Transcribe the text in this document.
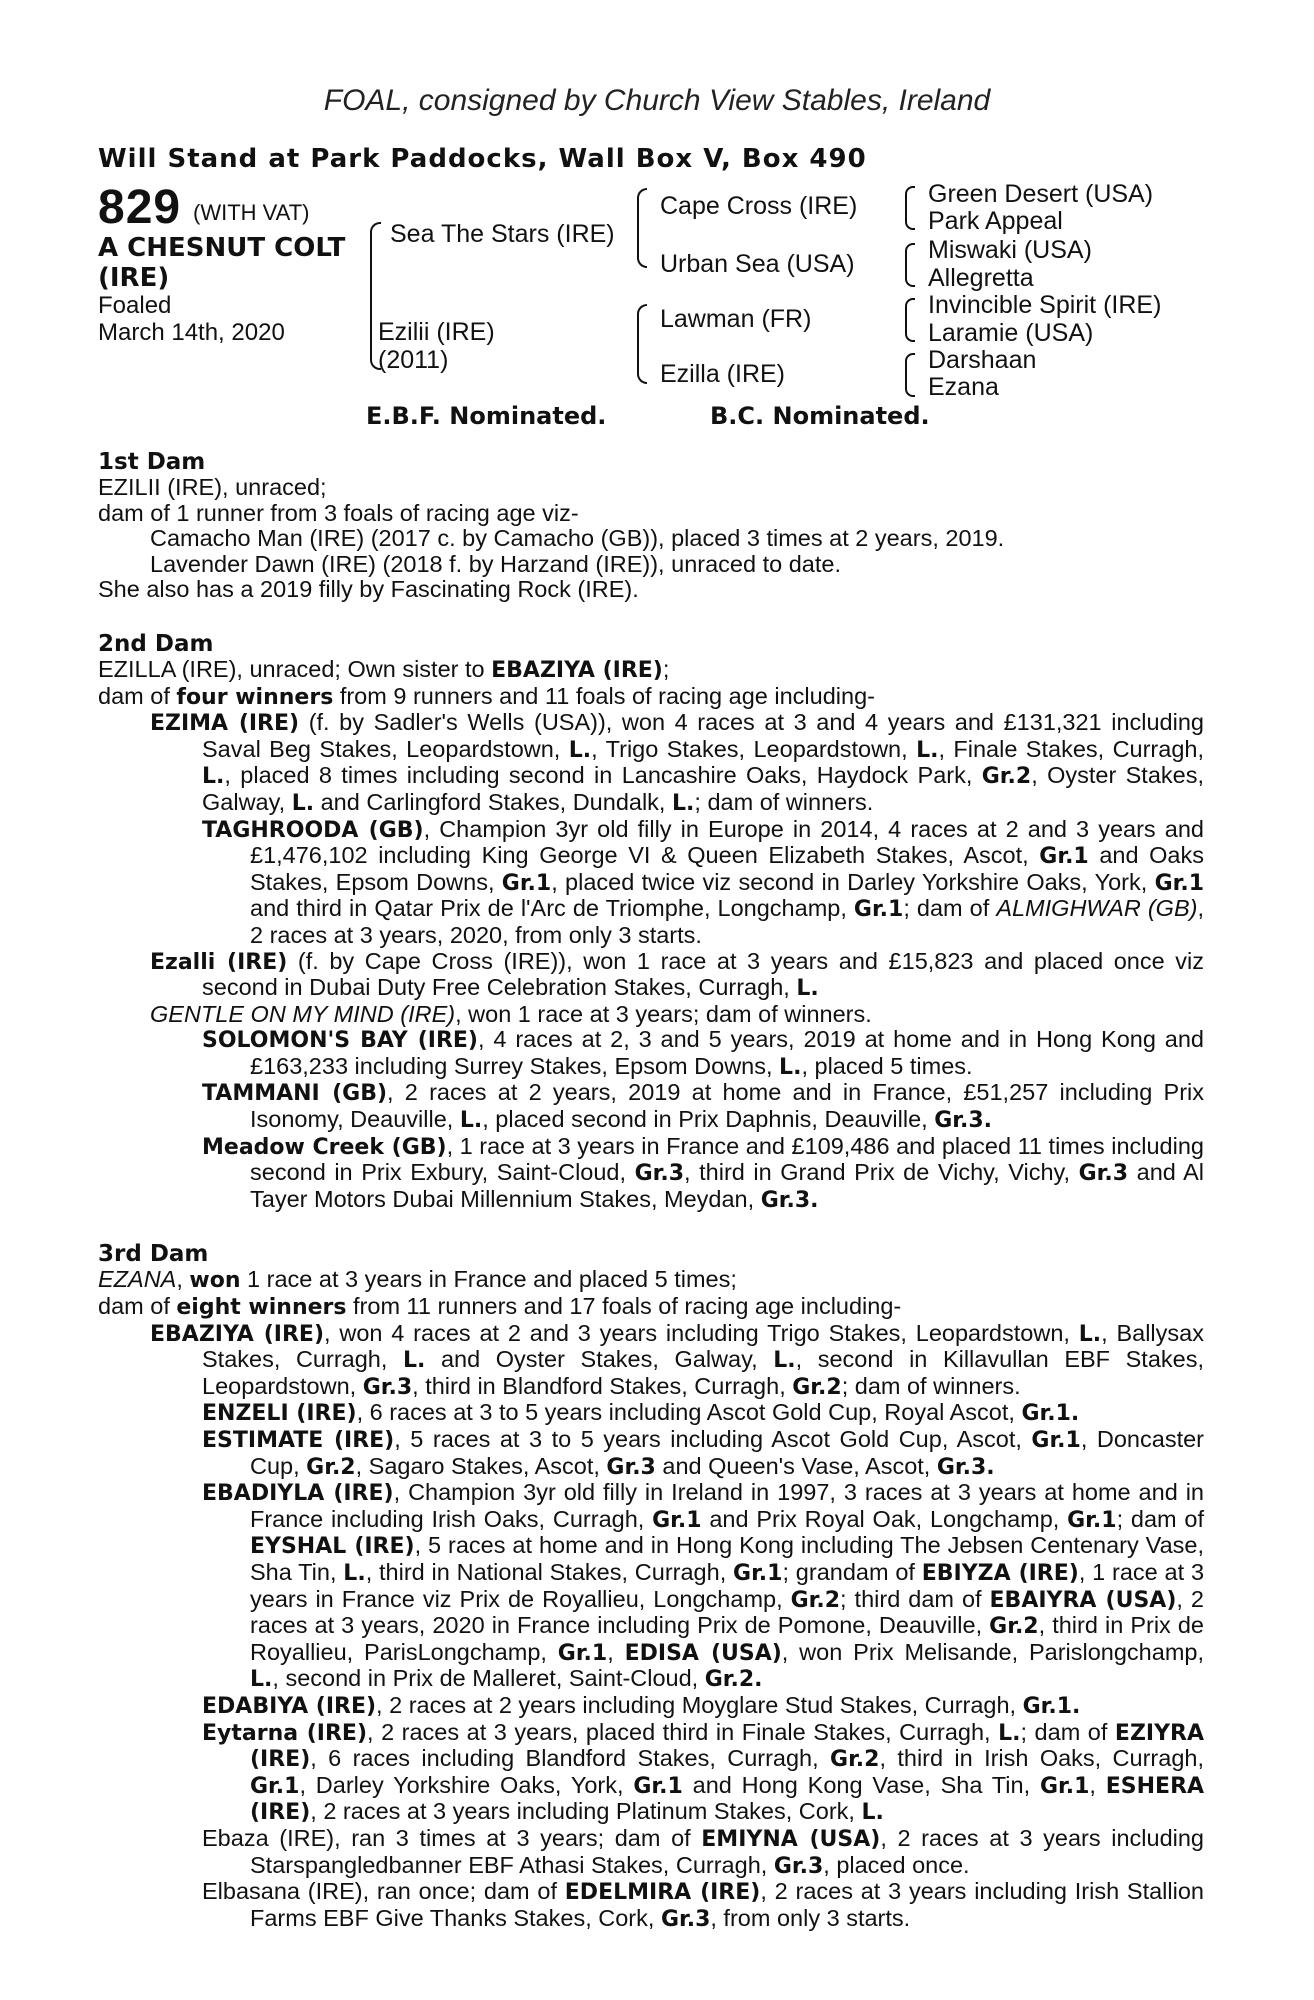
FOAL, consigned by Church View Stables, Ireland
Will Stand at Park Paddocks, Wall Box V, Box 490
829 (WITH VAT)
A CHESNUT COLT
(IRE)
Foaled
March 14th, 2020
Sea The Stars (IRE)
Ezilii (IRE)
(2011)
Cape Cross (IRE)
Urban Sea (USA)
Lawman (FR)
Ezilla (IRE)
Green Desert (USA)
Park Appeal
Miswaki (USA)
Allegretta
Invincible Spirit (IRE)
Laramie (USA)
Darshaan
Ezana
E.B.F. Nominated.	B.C. Nominated.
1st Dam
EZILII (IRE), unraced;
dam of 1 runner from 3 foals of racing age viz-
Camacho Man (IRE) (2017 c. by Camacho (GB)), placed 3 times at 2 years, 2019.
Lavender Dawn (IRE) (2018 f. by Harzand (IRE)), unraced to date.
She also has a 2019 filly by Fascinating Rock (IRE).
2nd Dam
EZILLA (IRE), unraced; Own sister to EBAZIYA (IRE);
dam of four winners from 9 runners and 11 foals of racing age including-
EZIMA (IRE) (f. by Sadler's Wells (USA)), won 4 races at 3 and 4 years and £131,321 including Saval Beg Stakes, Leopardstown, L., Trigo Stakes, Leopardstown, L., Finale Stakes, Curragh, L., placed 8 times including second in Lancashire Oaks, Haydock Park, Gr.2, Oyster Stakes, Galway, L. and Carlingford Stakes, Dundalk, L.; dam of winners.
TAGHROODA (GB), Champion 3yr old filly in Europe in 2014, 4 races at 2 and 3 years and £1,476,102 including King George VI & Queen Elizabeth Stakes, Ascot, Gr.1 and Oaks Stakes, Epsom Downs, Gr.1, placed twice viz second in Darley Yorkshire Oaks, York, Gr.1 and third in Qatar Prix de l'Arc de Triomphe, Longchamp, Gr.1; dam of ALMIGHWAR (GB), 2 races at 3 years, 2020, from only 3 starts.
Ezalli (IRE) (f. by Cape Cross (IRE)), won 1 race at 3 years and £15,823 and placed once viz second in Dubai Duty Free Celebration Stakes, Curragh, L.
GENTLE ON MY MIND (IRE), won 1 race at 3 years; dam of winners.
SOLOMON'S BAY (IRE), 4 races at 2, 3 and 5 years, 2019 at home and in Hong Kong and £163,233 including Surrey Stakes, Epsom Downs, L., placed 5 times.
TAMMANI (GB), 2 races at 2 years, 2019 at home and in France, £51,257 including Prix Isonomy, Deauville, L., placed second in Prix Daphnis, Deauville, Gr.3.
Meadow Creek (GB), 1 race at 3 years in France and £109,486 and placed 11 times including second in Prix Exbury, Saint-Cloud, Gr.3, third in Grand Prix de Vichy, Vichy, Gr.3 and Al Tayer Motors Dubai Millennium Stakes, Meydan, Gr.3.
3rd Dam
EZANA, won 1 race at 3 years in France and placed 5 times;
dam of eight winners from 11 runners and 17 foals of racing age including-
EBAZIYA (IRE), won 4 races at 2 and 3 years including Trigo Stakes, Leopardstown, L., Ballysax Stakes, Curragh, L. and Oyster Stakes, Galway, L., second in Killavullan EBF Stakes, Leopardstown, Gr.3, third in Blandford Stakes, Curragh, Gr.2; dam of winners.
ENZELI (IRE), 6 races at 3 to 5 years including Ascot Gold Cup, Royal Ascot, Gr.1.
ESTIMATE (IRE), 5 races at 3 to 5 years including Ascot Gold Cup, Ascot, Gr.1, Doncaster Cup, Gr.2, Sagaro Stakes, Ascot, Gr.3 and Queen's Vase, Ascot, Gr.3.
EBADIYLA (IRE), Champion 3yr old filly in Ireland in 1997, 3 races at 3 years at home and in France including Irish Oaks, Curragh, Gr.1 and Prix Royal Oak, Longchamp, Gr.1; dam of EYSHAL (IRE), 5 races at home and in Hong Kong including The Jebsen Centenary Vase, Sha Tin, L., third in National Stakes, Curragh, Gr.1; grandam of EBIYZA (IRE), 1 race at 3 years in France viz Prix de Royallieu, Longchamp, Gr.2; third dam of EBAIYRA (USA), 2 races at 3 years, 2020 in France including Prix de Pomone, Deauville, Gr.2, third in Prix de Royallieu, ParisLongchamp, Gr.1, EDISA (USA), won Prix Melisande, Parislongchamp, L., second in Prix de Malleret, Saint-Cloud, Gr.2.
EDABIYA (IRE), 2 races at 2 years including Moyglare Stud Stakes, Curragh, Gr.1.
Eytarna (IRE), 2 races at 3 years, placed third in Finale Stakes, Curragh, L.; dam of EZIYRA (IRE), 6 races including Blandford Stakes, Curragh, Gr.2, third in Irish Oaks, Curragh, Gr.1, Darley Yorkshire Oaks, York, Gr.1 and Hong Kong Vase, Sha Tin, Gr.1, ESHERA (IRE), 2 races at 3 years including Platinum Stakes, Cork, L.
Ebaza (IRE), ran 3 times at 3 years; dam of EMIYNA (USA), 2 races at 3 years including Starspangledbanner EBF Athasi Stakes, Curragh, Gr.3, placed once.
Elbasana (IRE), ran once; dam of EDELMIRA (IRE), 2 races at 3 years including Irish Stallion Farms EBF Give Thanks Stakes, Cork, Gr.3, from only 3 starts.
